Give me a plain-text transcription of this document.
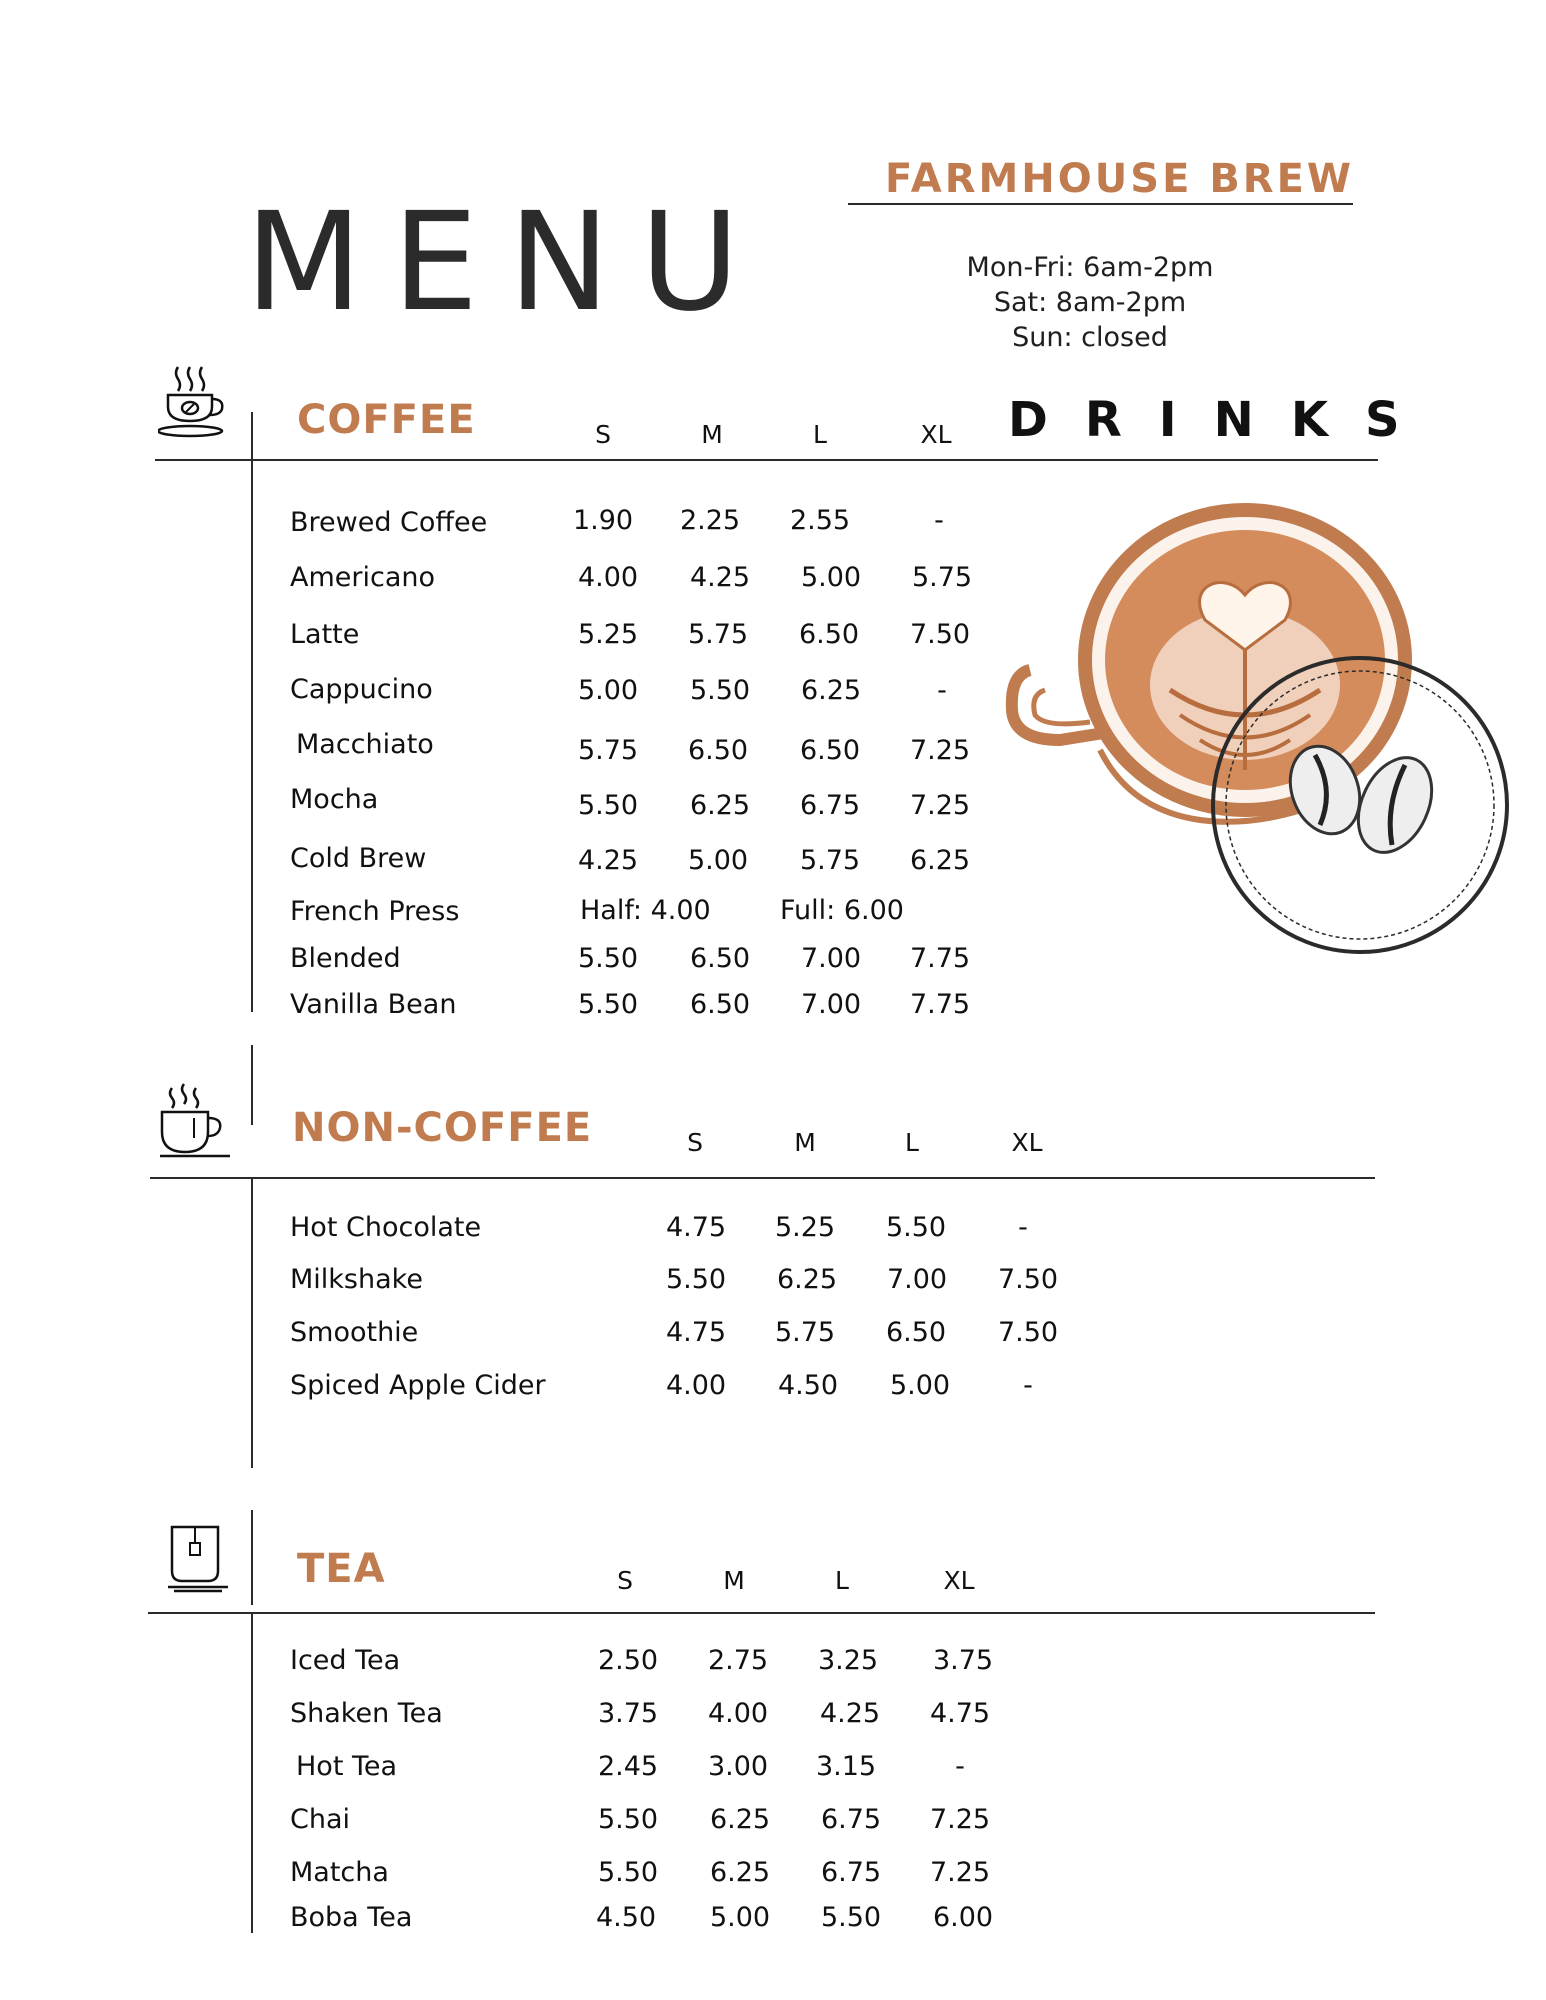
MENU
FARMHOUSE BREW
Mon-Fri: 6am-2pm
Sat: 8am-2pm
Sun: closed
DRINKS
COFFEE	S	M	L	XL
Brewed Coffee	1.90	2.25	2.55	-
Americano	4.00	4.25	5.00	5.75
Latte	5.25	5.75	6.50	7.50
Cappucino	5.00	5.50	6.25	-
Macchiato	5.75	6.50	6.50	7.25
Mocha	5.50	6.25	6.75	7.25
Cold Brew	4.25	5.00	5.75	6.25
French Press	Half: 4.00	Full: 6.00
Blended	5.50	6.50	7.00	7.75
Vanilla Bean	5.50	6.50	7.00	7.75
NON-COFFEE	S	M	L	XL
Hot Chocolate	4.75	5.25	5.50	-
Milkshake	5.50	6.25	7.00	7.50
Smoothie	4.75	5.75	6.50	7.50
Spiced Apple Cider	4.00	4.50	5.00	-
TEA	S	M	L	XL
Iced Tea	2.50	2.75	3.25	3.75
Shaken Tea	3.75	4.00	4.25	4.75
Hot Tea	2.45	3.00	3.15	-
Chai	5.50	6.25	6.75	7.25
Matcha	5.50	6.25	6.75	7.25
Boba Tea	4.50	5.00	5.50	6.00
